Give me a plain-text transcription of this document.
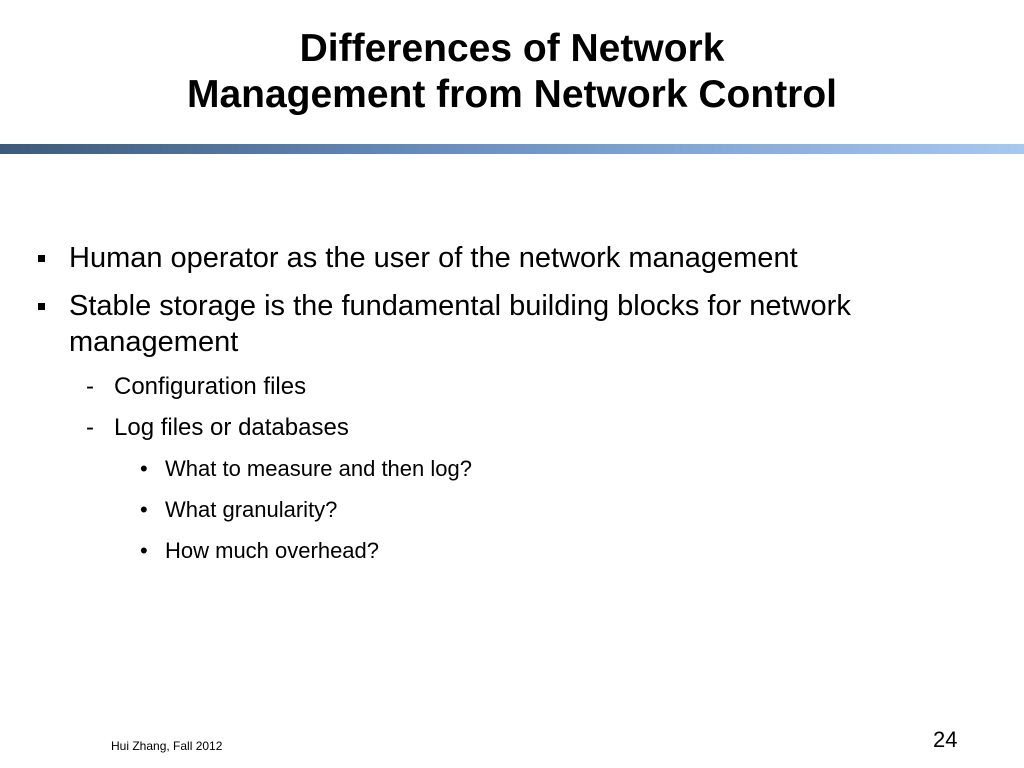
Differences of Network
Management from Network Control
Human operator as the user of the network management
Stable storage is the fundamental building blocks for network management
- Configuration files
- Log files or databases
• What to measure and then log?
• What granularity?
• How much overhead?
Hui Zhang, Fall 2012	24
